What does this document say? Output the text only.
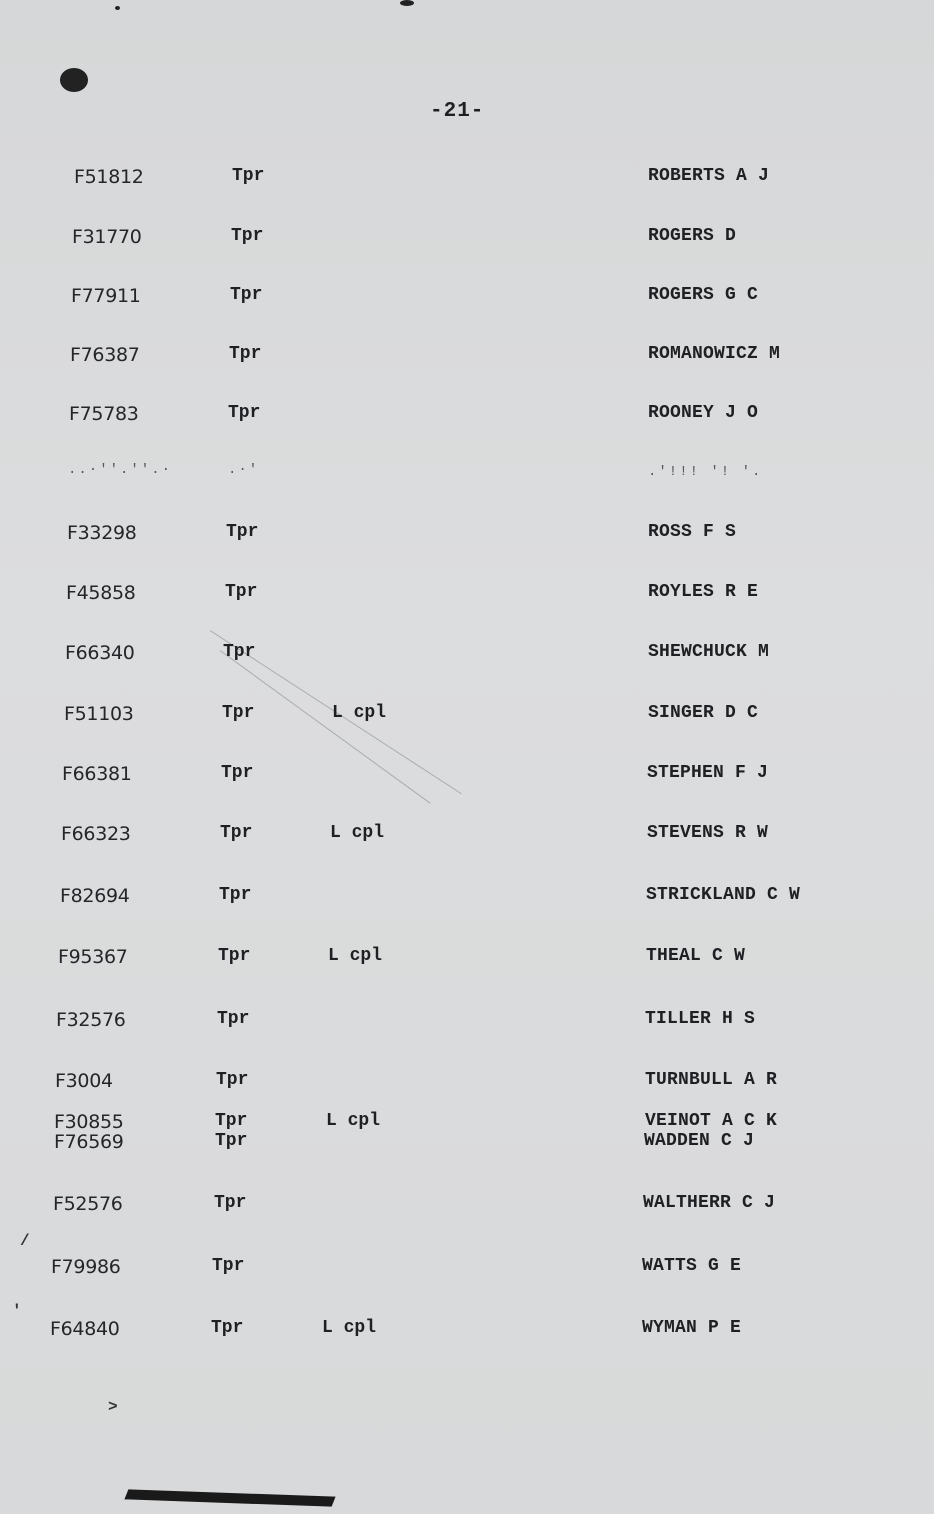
/
'
>
..·''.''.·	.·'	.'!!! '! '.
-21-
F51812	Tpr	ROBERTS A J
F31770	Tpr	ROGERS D
F77911	Tpr	ROGERS G C
F76387	Tpr	ROMANOWICZ M
F75783	Tpr	ROONEY J O
F33298	Tpr	ROSS F S
F45858	Tpr	ROYLES R E
F66340	Tpr	SHEWCHUCK M
F51103	Tpr	L cpl	SINGER D C
F66381	Tpr	STEPHEN F J
F66323	Tpr	L cpl	STEVENS R W
F82694	Tpr	STRICKLAND C W
F95367	Tpr	L cpl	THEAL C W
F32576	Tpr	TILLER H S
F3004	Tpr	TURNBULL A R
F30855	Tpr	L cpl	VEINOT A C K
F76569	Tpr	WADDEN C J
F52576	Tpr	WALTHERR C J
F79986	Tpr	WATTS G E
F64840	Tpr	L cpl	WYMAN P E
